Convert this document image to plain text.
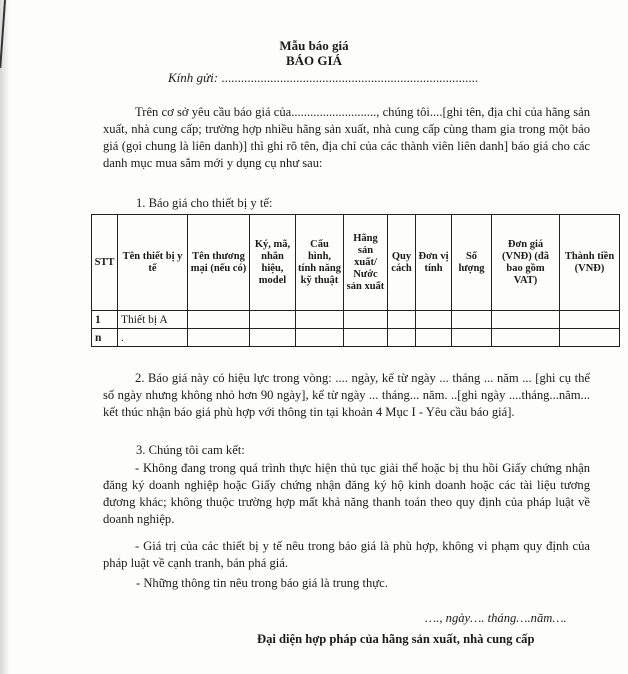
Mẫu báo giá
BÁO GIÁ
Kính gửi: ...............................................................................
Trên cơ sở yêu cầu báo giá của..........................., chúng tôi....[ghi tên, địa chỉ của hãng sản xuất, nhà cung cấp; trường hợp nhiều hãng sản xuất, nhà cung cấp cùng tham gia trong một báo giá (gọi chung là liên danh)] thì ghi rõ tên, địa chỉ của các thành viên liên danh] báo giá cho các danh mục mua sắm mới y dụng cụ như sau:
1. Báo giá cho thiết bị y tế:
STT	Tên thiết bị y tế	Tên thương mại (nếu có)	Ký, mã, nhãn hiệu, model	Cấu hình, tính năng kỹ thuật	Hãng sản xuất/ Nước sản xuất	Quy cách	Đơn vị tính	Số lượng	Đơn giá (VNĐ) (đã bao gồm VAT)	Thành tiền (VNĐ)
1	Thiết bị A									
n	.									
2. Báo giá này có hiệu lực trong vòng: .... ngày, kể từ ngày ... tháng ... năm ... [ghi cụ thể số ngày nhưng không nhỏ hơn 90 ngày], kể từ ngày ... tháng... năm. ..[ghi ngày ....tháng...năm... kết thúc nhận báo giá phù hợp với thông tin tại khoản 4 Mục I - Yêu cầu báo giá].
3. Chúng tôi cam kết:
- Không đang trong quá trình thực hiện thủ tục giải thể hoặc bị thu hồi Giấy chứng nhận đăng ký doanh nghiệp hoặc Giấy chứng nhận đăng ký hộ kinh doanh hoặc các tài liệu tương đương khác; không thuộc trường hợp mất khả năng thanh toán theo quy định của pháp luật về doanh nghiệp.
- Giá trị của các thiết bị y tế nêu trong báo giá là phù hợp, không vi phạm quy định của pháp luật về cạnh tranh, bán phá giá.
- Những thông tin nêu trong báo giá là trung thực.
…., ngày…. tháng….năm….
Đại diện hợp pháp của hãng sản xuất, nhà cung cấp
